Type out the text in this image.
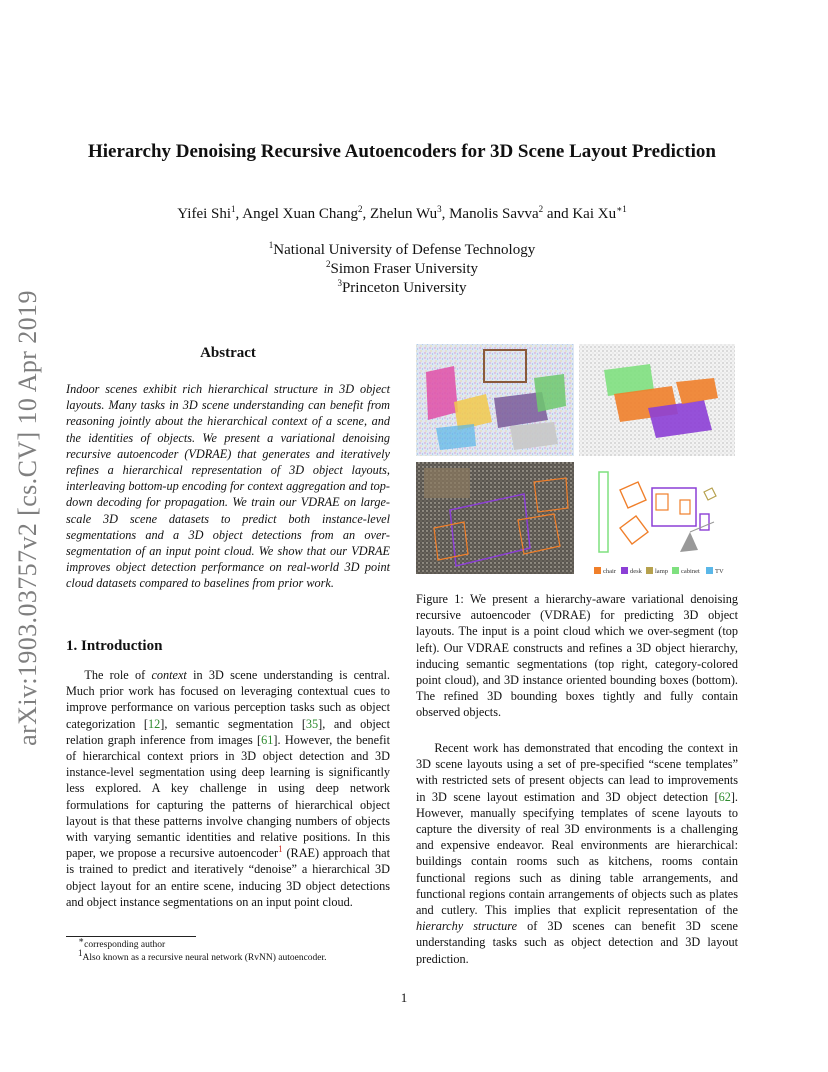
arXiv:1903.03757v2 [cs.CV] 10 Apr 2019
Hierarchy Denoising Recursive Autoencoders for 3D Scene Layout Prediction
Yifei Shi$^1$, Angel Xuan Chang$^2$, Zhelun Wu$^3$, Manolis Savva$^2$ and Kai $Xu^{∗1}$
$^1$National University of Defense Technology
$^2$Simon Fraser University
$^3$Princeton University
Abstract

Indoor scenes exhibit rich hierarchical structure in 3D object layouts. Many tasks in 3D scene understanding can benefit from reasoning jointly about the hierarchical context of a scene, and the identities of objects. We present a variational denoising recursive autoencoder (VDRAE) that generates and iteratively refines a hierarchical representation of 3D object layouts, interleaving bottom-up encoding for context aggregation and top-down decoding for propagation. We train our VDRAE on large-scale 3D scene datasets to predict both instance-level segmentations and a 3D object detections from an over-segmentation of an input point cloud. We show that our VDRAE improves object detection performance on real-world 3D point cloud datasets compared to baselines from prior work.

1. Introduction

The role of context in 3D scene understanding is central. Much prior work has focused on leveraging contextual cues to improve performance on various perception tasks such as object categorization [12], semantic segmentation [35], and object relation graph inference from images [61]. However, the benefit of hierarchical context priors in 3D object detection and 3D instance-level segmentation using deep learning is significantly less explored. A key challenge in using deep network formulations for capturing the patterns of hierarchical object layout is that these patterns involve changing numbers of objects with varying semantic identities and relative positions. In this paper, we propose a recursive autoencoder$^1$ (RAE) approach that is trained to predict and iteratively “denoise” a hierarchical 3D object layout for an entire scene, inducing 3D object detections and object instance segmentations on an input point cloud.

∗corresponding author
$^1$Also known as a recursive neural network (RvNN) autoencoder.
chair desk lamp cabinet TV

Figure 1: We present a hierarchy-aware variational denoising recursive autoencoder (VDRAE) for predicting 3D object layouts. The input is a point cloud which we over-segment (top left). Our VDRAE constructs and refines a 3D object hierarchy, inducing semantic segmentations (top right, category-colored point cloud), and 3D instance oriented bounding boxes (bottom). The refined 3D bounding boxes tightly and fully contain observed objects.

Recent work has demonstrated that encoding the context in 3D scene layouts using a set of pre-specified “scene templates” with restricted sets of present objects can lead to improvements in 3D scene layout estimation and 3D object detection [62]. However, manually specifying templates of scene layouts to capture the diversity of real 3D environments is a challenging and expensive endeavor. Real environments are hierarchical: buildings contain rooms such as kitchens, rooms contain functional regions such as dining table arrangements, and functional regions contain arrangements of objects such as plates and cutlery. This implies that explicit representation of the hierarchy structure of 3D scenes can benefit 3D scene understanding tasks such as object detection and 3D layout prediction.

1
